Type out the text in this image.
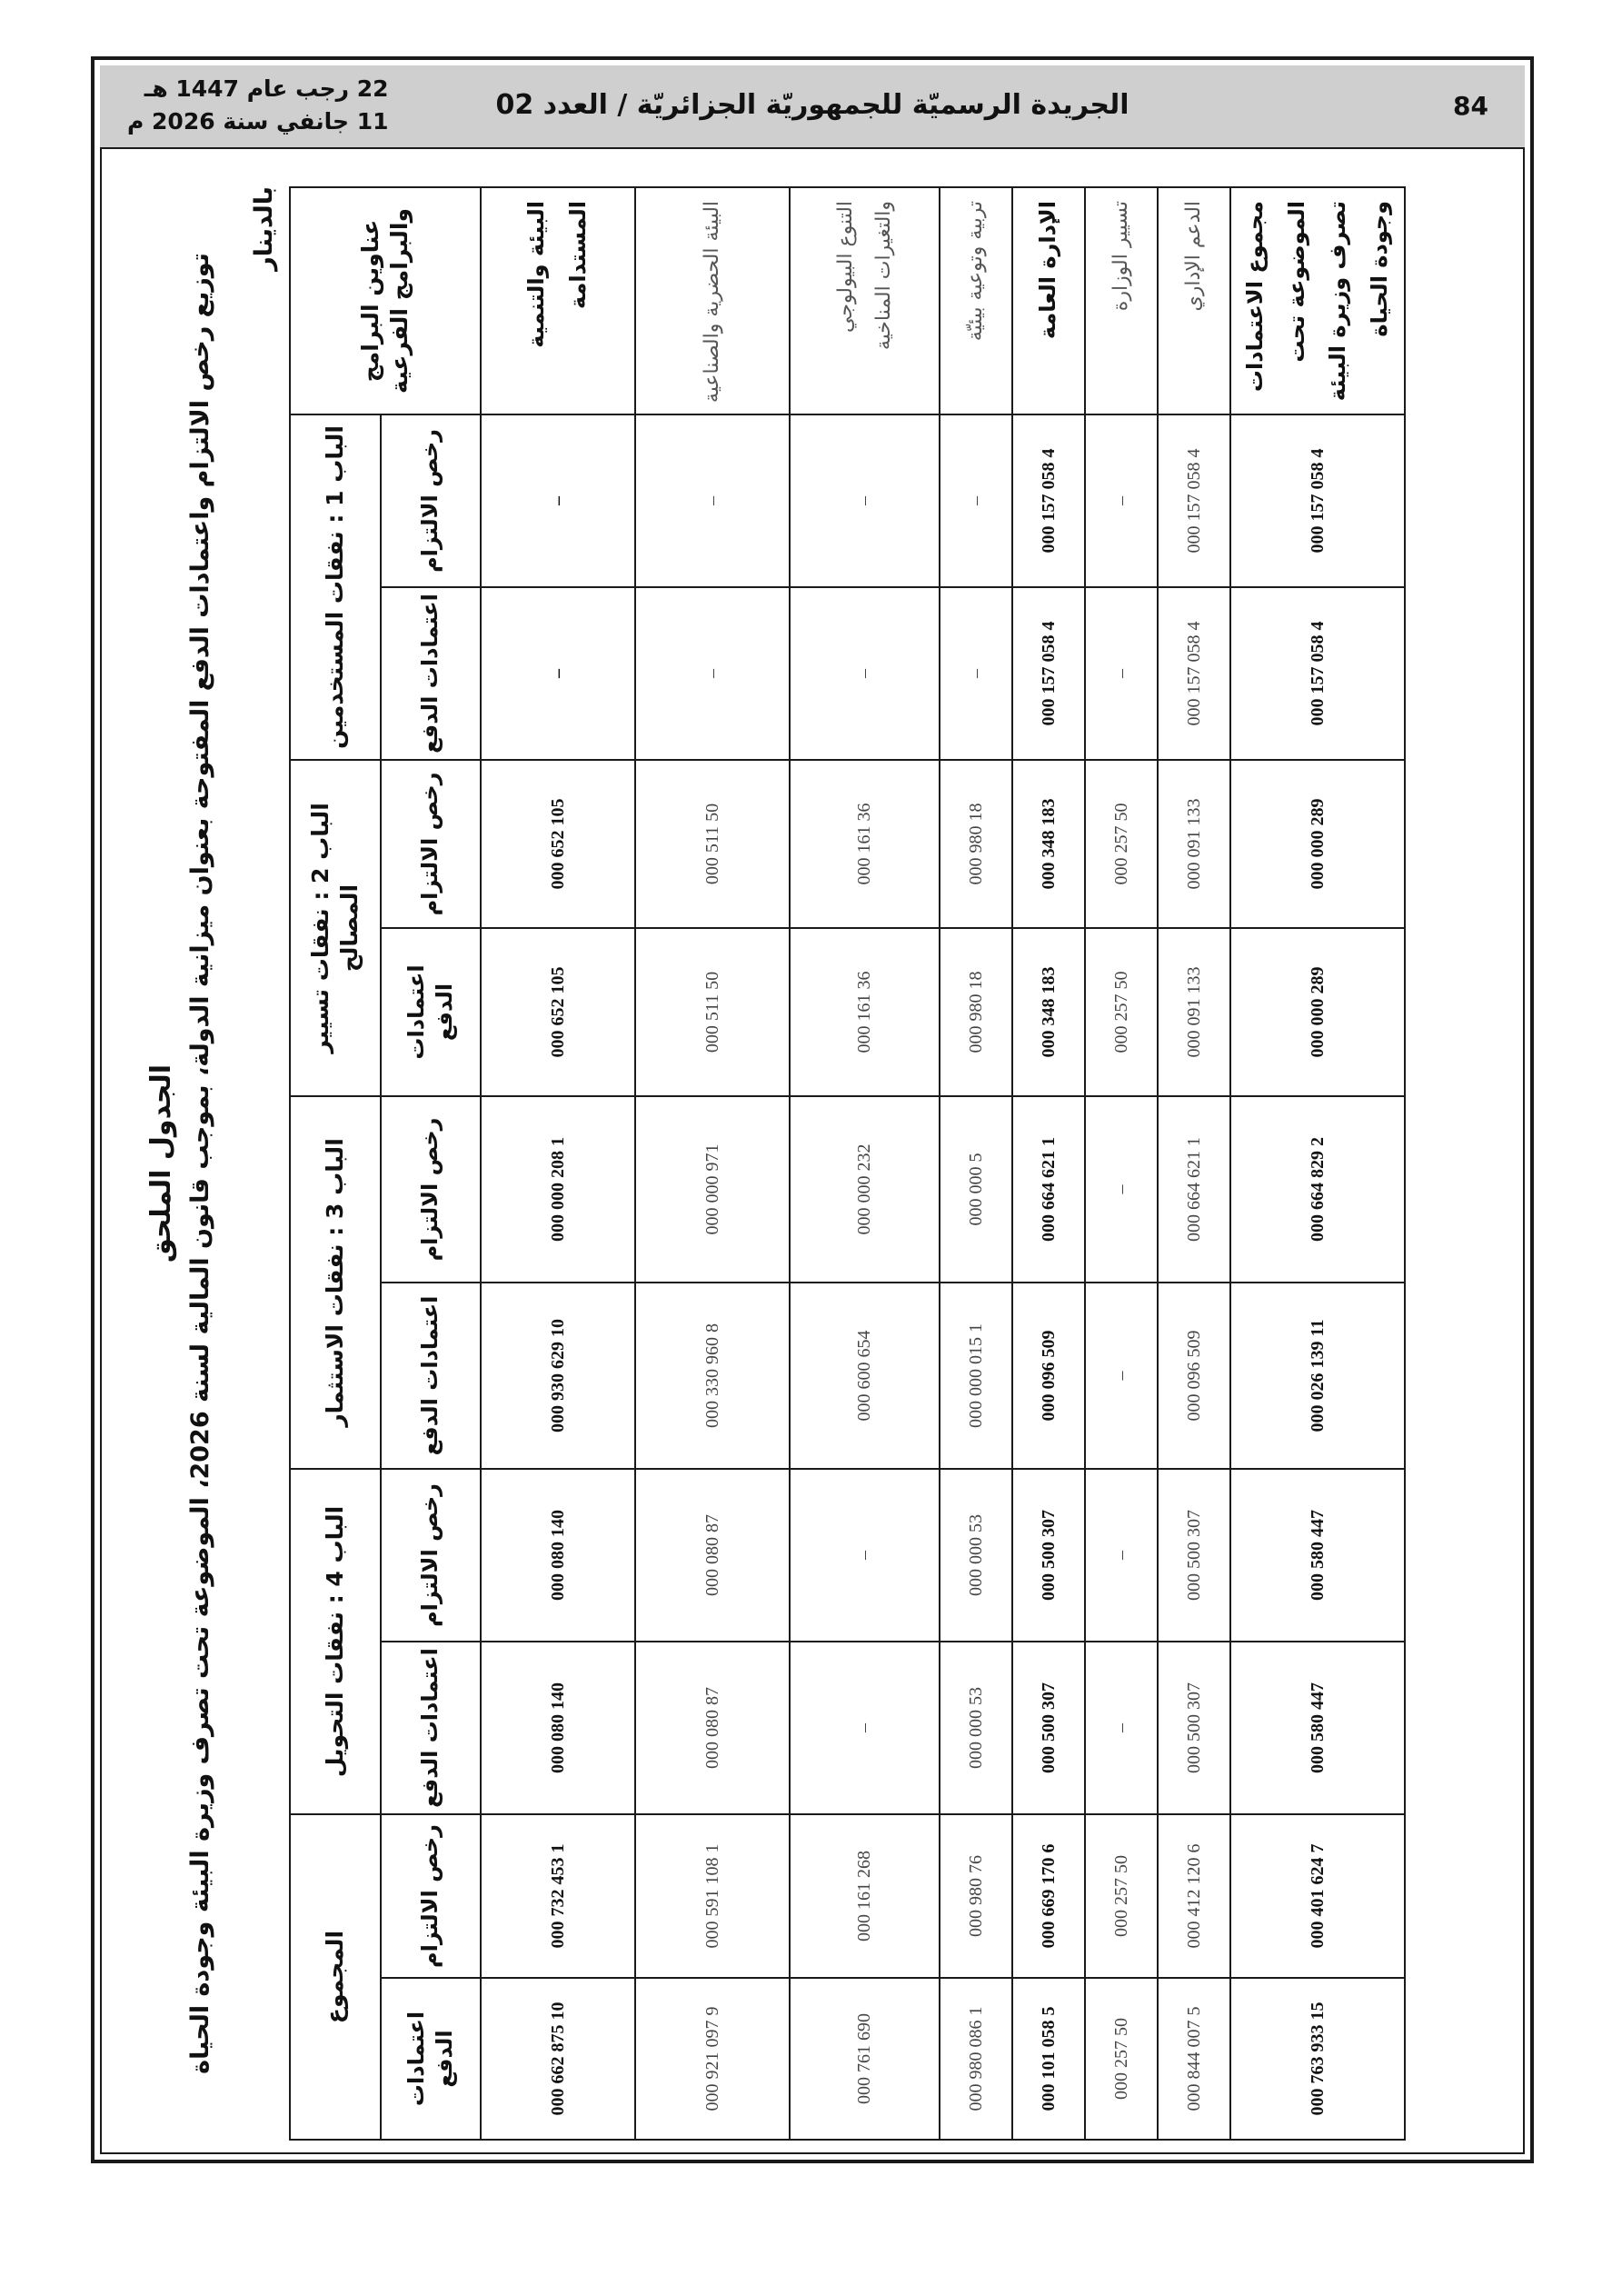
84
الجريدة الرسميّة للجمهوريّة الجزائريّة / العدد 02
22 رجب عام 1447 هـ
11 جانفي سنة 2026 م
الجدول الملحق
توزيع رخص الالتزام واعتمادات الدفع المفتوحة بعنوان ميزانية الدولة، بموجب قانون المالية لسنة 2026، الموضوعة تحت تصرف وزيرة البيئة وجودة الحياة
بالدينار	عناوين البرامج والبرامج الفرعية	الباب 1 : نفقات المستخدمين		الباب 2 : نفقات تسيير المصالح		الباب 3 : نفقات الاستثمار		الباب 4 : نفقات التحويل		المجموع	
	رخص الالتزام	اعتمادات الدفع	رخص الالتزام	اعتمادات الدفع	رخص الالتزام	اعتمادات الدفع	رخص الالتزام	اعتمادات الدفع	رخص الالتزام	اعتمادات الدفع
البيئة والتنمية المستدامة	–	–	105 652 000	105 652 000	1 208 000 000	10 629 930 000	140 080 000	140 080 000	1 453 732 000	10 875 662 000
البيئة الحضرية والصناعية	–	–	50 511 000	50 511 000	971 000 000	8 960 330 000	87 080 000	87 080 000	1 108 591 000	9 097 921 000
التنوع البيولوجي والتغيرات المناخية	–	–	36 161 000	36 161 000	232 000 000	654 600 000	–	–	268 161 000	690 761 000
تربية وتوعية بيئيّة	–	–	18 980 000	18 980 000	5 000 000	1 015 000 000	53 000 000	53 000 000	76 980 000	1 086 980 000
الإدارة العامة	4 058 157 000	4 058 157 000	183 348 000	183 348 000	1 621 664 000	509 096 000	307 500 000	307 500 000	6 170 669 000	5 058 101 000
تسيير الوزارة	–	–	50 257 000	50 257 000	–	–	–	–	50 257 000	50 257 000
الدعم الإداري	4 058 157 000	4 058 157 000	133 091 000	133 091 000	1 621 664 000	509 096 000	307 500 000	307 500 000	6 120 412 000	5 007 844 000
مجموع الاعتمادات الموضوعة تحت تصرف وزيرة البيئة وجودة الحياة	4 058 157 000	4 058 157 000	289 000 000	289 000 000	2 829 664 000	11 139 026 000	447 580 000	447 580 000	7 624 401 000	15 933 763 000
